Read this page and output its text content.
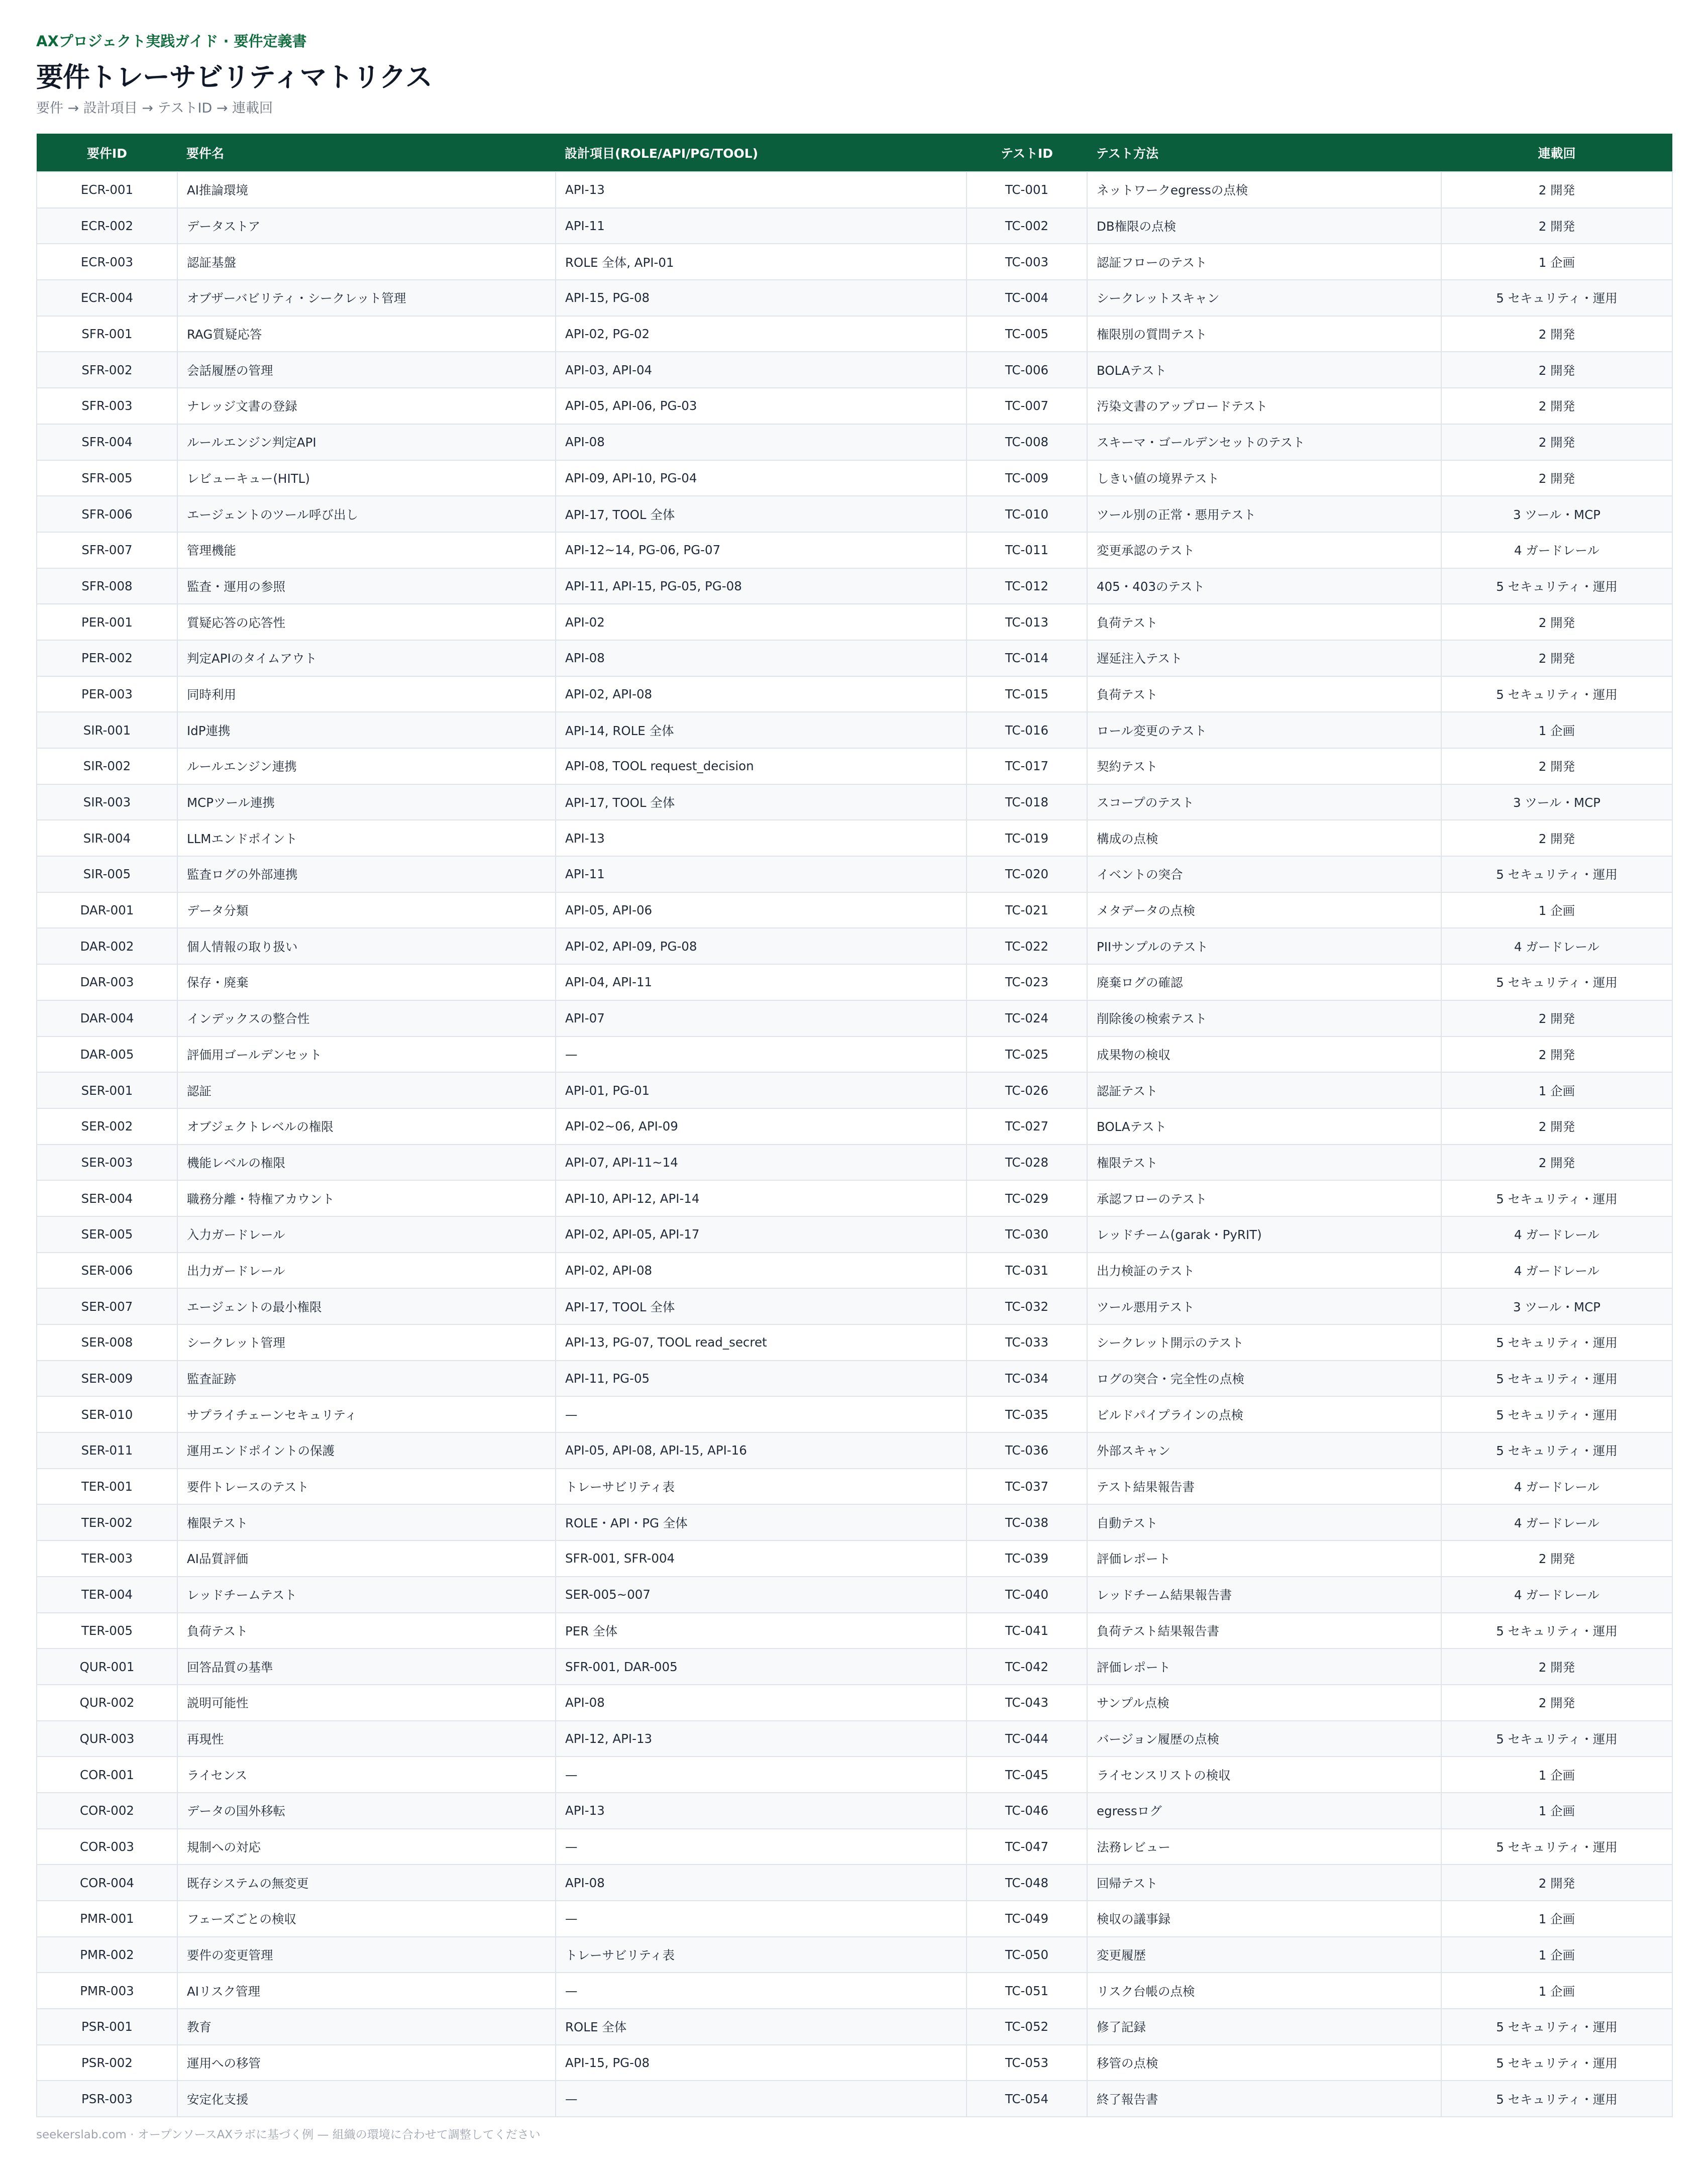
AXプロジェクト実践ガイド · 要件定義書
要件トレーサビリティマトリクス
要件 → 設計項目 → テストID → 連載回
要件ID	要件名	設計項目(ROLE/API/PG/TOOL)	テストID	テスト方法	連載回
ECR-001	AI推論環境	API-13	TC-001	ネットワークegressの点検	2 開発
ECR-002	データストア	API-11	TC-002	DB権限の点検	2 開発
ECR-003	認証基盤	ROLE 全体, API-01	TC-003	認証フローのテスト	1 企画
ECR-004	オブザーバビリティ・シークレット管理	API-15, PG-08	TC-004	シークレットスキャン	5 セキュリティ・運用
SFR-001	RAG質疑応答	API-02, PG-02	TC-005	権限別の質問テスト	2 開発
SFR-002	会話履歴の管理	API-03, API-04	TC-006	BOLAテスト	2 開発
SFR-003	ナレッジ文書の登録	API-05, API-06, PG-03	TC-007	汚染文書のアップロードテスト	2 開発
SFR-004	ルールエンジン判定API	API-08	TC-008	スキーマ・ゴールデンセットのテスト	2 開発
SFR-005	レビューキュー(HITL)	API-09, API-10, PG-04	TC-009	しきい値の境界テスト	2 開発
SFR-006	エージェントのツール呼び出し	API-17, TOOL 全体	TC-010	ツール別の正常・悪用テスト	3 ツール・MCP
SFR-007	管理機能	API-12~14, PG-06, PG-07	TC-011	変更承認のテスト	4 ガードレール
SFR-008	監査・運用の参照	API-11, API-15, PG-05, PG-08	TC-012	405・403のテスト	5 セキュリティ・運用
PER-001	質疑応答の応答性	API-02	TC-013	負荷テスト	2 開発
PER-002	判定APIのタイムアウト	API-08	TC-014	遅延注入テスト	2 開発
PER-003	同時利用	API-02, API-08	TC-015	負荷テスト	5 セキュリティ・運用
SIR-001	IdP連携	API-14, ROLE 全体	TC-016	ロール変更のテスト	1 企画
SIR-002	ルールエンジン連携	API-08, TOOL request_decision	TC-017	契約テスト	2 開発
SIR-003	MCPツール連携	API-17, TOOL 全体	TC-018	スコープのテスト	3 ツール・MCP
SIR-004	LLMエンドポイント	API-13	TC-019	構成の点検	2 開発
SIR-005	監査ログの外部連携	API-11	TC-020	イベントの突合	5 セキュリティ・運用
DAR-001	データ分類	API-05, API-06	TC-021	メタデータの点検	1 企画
DAR-002	個人情報の取り扱い	API-02, API-09, PG-08	TC-022	PIIサンプルのテスト	4 ガードレール
DAR-003	保存・廃棄	API-04, API-11	TC-023	廃棄ログの確認	5 セキュリティ・運用
DAR-004	インデックスの整合性	API-07	TC-024	削除後の検索テスト	2 開発
DAR-005	評価用ゴールデンセット	—	TC-025	成果物の検収	2 開発
SER-001	認証	API-01, PG-01	TC-026	認証テスト	1 企画
SER-002	オブジェクトレベルの権限	API-02~06, API-09	TC-027	BOLAテスト	2 開発
SER-003	機能レベルの権限	API-07, API-11~14	TC-028	権限テスト	2 開発
SER-004	職務分離・特権アカウント	API-10, API-12, API-14	TC-029	承認フローのテスト	5 セキュリティ・運用
SER-005	入力ガードレール	API-02, API-05, API-17	TC-030	レッドチーム(garak・PyRIT)	4 ガードレール
SER-006	出力ガードレール	API-02, API-08	TC-031	出力検証のテスト	4 ガードレール
SER-007	エージェントの最小権限	API-17, TOOL 全体	TC-032	ツール悪用テスト	3 ツール・MCP
SER-008	シークレット管理	API-13, PG-07, TOOL read_secret	TC-033	シークレット開示のテスト	5 セキュリティ・運用
SER-009	監査証跡	API-11, PG-05	TC-034	ログの突合・完全性の点検	5 セキュリティ・運用
SER-010	サプライチェーンセキュリティ	—	TC-035	ビルドパイプラインの点検	5 セキュリティ・運用
SER-011	運用エンドポイントの保護	API-05, API-08, API-15, API-16	TC-036	外部スキャン	5 セキュリティ・運用
TER-001	要件トレースのテスト	トレーサビリティ表	TC-037	テスト結果報告書	4 ガードレール
TER-002	権限テスト	ROLE・API・PG 全体	TC-038	自動テスト	4 ガードレール
TER-003	AI品質評価	SFR-001, SFR-004	TC-039	評価レポート	2 開発
TER-004	レッドチームテスト	SER-005~007	TC-040	レッドチーム結果報告書	4 ガードレール
TER-005	負荷テスト	PER 全体	TC-041	負荷テスト結果報告書	5 セキュリティ・運用
QUR-001	回答品質の基準	SFR-001, DAR-005	TC-042	評価レポート	2 開発
QUR-002	説明可能性	API-08	TC-043	サンプル点検	2 開発
QUR-003	再現性	API-12, API-13	TC-044	バージョン履歴の点検	5 セキュリティ・運用
COR-001	ライセンス	—	TC-045	ライセンスリストの検収	1 企画
COR-002	データの国外移転	API-13	TC-046	egressログ	1 企画
COR-003	規制への対応	—	TC-047	法務レビュー	5 セキュリティ・運用
COR-004	既存システムの無変更	API-08	TC-048	回帰テスト	2 開発
PMR-001	フェーズごとの検収	—	TC-049	検収の議事録	1 企画
PMR-002	要件の変更管理	トレーサビリティ表	TC-050	変更履歴	1 企画
PMR-003	AIリスク管理	—	TC-051	リスク台帳の点検	1 企画
PSR-001	教育	ROLE 全体	TC-052	修了記録	5 セキュリティ・運用
PSR-002	運用への移管	API-15, PG-08	TC-053	移管の点検	5 セキュリティ・運用
PSR-003	安定化支援	—	TC-054	終了報告書	5 セキュリティ・運用
seekerslab.com · オープンソースAXラボに基づく例 — 組織の環境に合わせて調整してください
